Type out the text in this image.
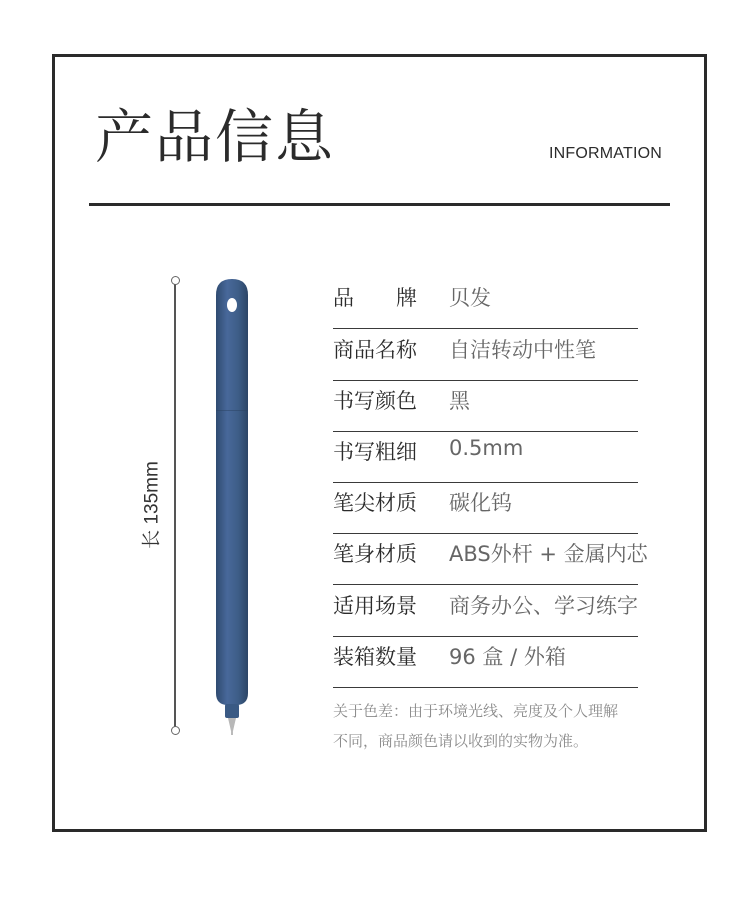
产品信息	INFORMATION
长 135mm
品　　牌 贝发
商品名称 自洁转动中性笔
书写颜色 黑
书写粗细 0.5mm
笔尖材质 碳化钨
笔身材质 ABS外杆 + 金属内芯
适用场景 商务办公、学习练字
装箱数量 96 盒 / 外箱
关于色差：由于环境光线、亮度及个人理解
不同，商品颜色请以收到的实物为准。
